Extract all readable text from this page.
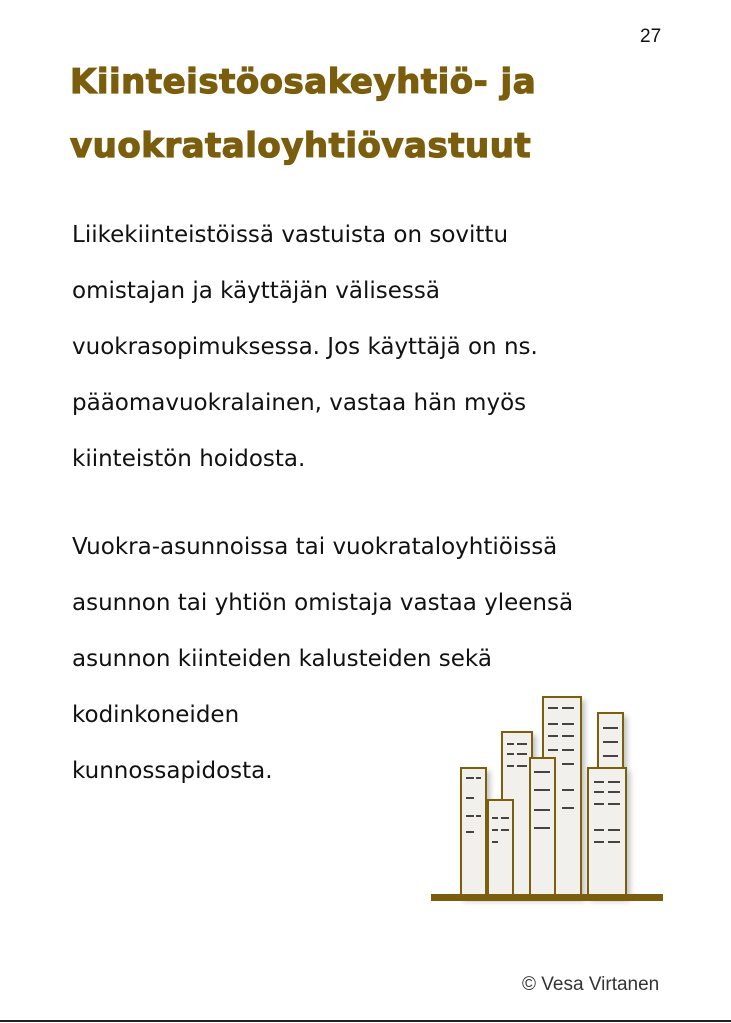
27
Kiinteistöosakeyhtiö- ja
vuokrataloyhtiövastuut
Liikekiinteistöissä vastuista on sovittu
omistajan ja käyttäjän välisessä
vuokrasopimuksessa. Jos käyttäjä on ns.
pääomavuokralainen, vastaa hän myös
kiinteistön hoidosta.
Vuokra-asunnoissa tai vuokrataloyhtiöissä
asunnon tai yhtiön omistaja vastaa yleensä
asunnon kiinteiden kalusteiden sekä
kodinkoneiden
kunnossapidosta.
© Vesa Virtanen
